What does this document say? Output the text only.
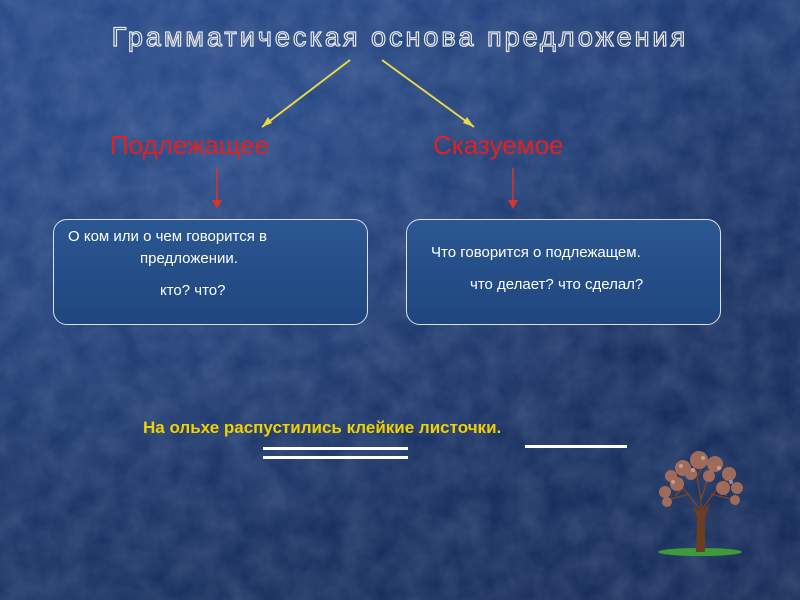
Грамматическая основа предложения
Подлежащее	Сказуемое
О ком или о чем говорится в
предложении.
кто? что?
Что говорится о подлежащем.
что делает? что сделал?
На ольхе распустились клейкие листочки.
